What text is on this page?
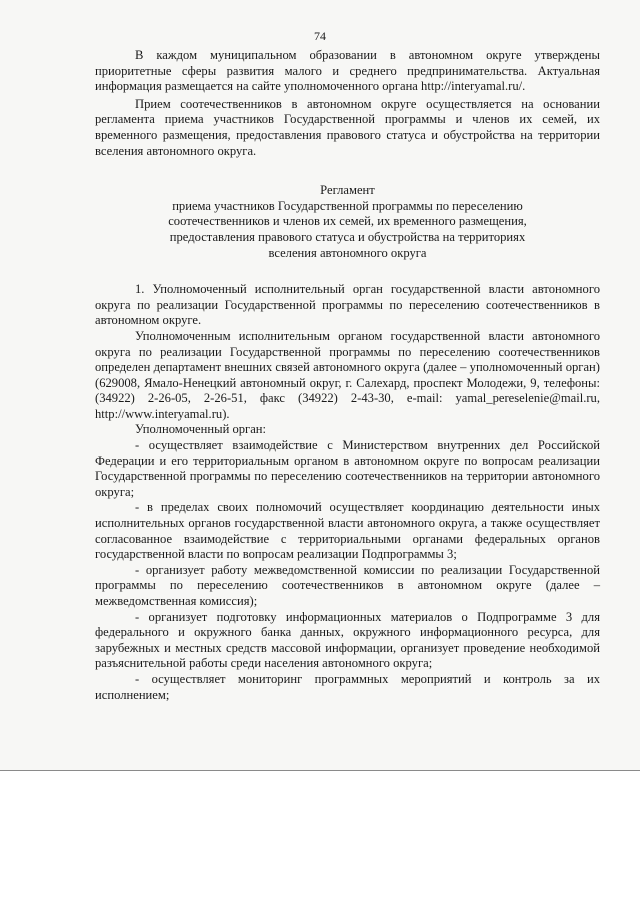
74

В каждом муниципальном образовании в автономном округе утверждены приоритетные сферы развития малого и среднего предпринимательства. Актуальная информация размещается на сайте уполномоченного органа http://interyamal.ru/.

Прием соотечественников в автономном округе осуществляется на основании регламента приема участников Государственной программы и членов их семей, их временного размещения, предоставления правового статуса и обустройства на территории вселения автономного округа.

Регламент

приема участников Государственной программы по переселению

соотечественников и членов их семей, их временного размещения,

предоставления правового статуса и обустройства на территориях

вселения автономного округа

1. Уполномоченный исполнительный орган государственной власти автономного округа по реализации Государственной программы по переселению соотечественников в автономном округе.

Уполномоченным исполнительным органом государственной власти автономного округа по реализации Государственной программы по переселению соотечественников определен департамент внешних связей автономного округа (далее – уполномоченный орган) (629008, Ямало-Ненецкий автономный округ, г. Салехард, проспект Молодежи, 9, телефоны: (34922) 2-26-05, 2-26-51, факс (34922) 2-43-30, e-mail: yamal_pereselenie@mail.ru, http://www.interyamal.ru).

Уполномоченный орган:

- осуществляет взаимодействие с Министерством внутренних дел Российской Федерации и его территориальным органом в автономном округе по вопросам реализации Государственной программы по переселению соотечественников на территории автономного округа;

- в пределах своих полномочий осуществляет координацию деятельности иных исполнительных органов государственной власти автономного округа, а также осуществляет согласованное взаимодействие с территориальными органами федеральных органов государственной власти по вопросам реализации Подпрограммы 3;

- организует работу межведомственной комиссии по реализации Государственной программы по переселению соотечественников в автономном округе (далее – межведомственная комиссия);

- организует подготовку информационных материалов о Подпрограмме 3 для федерального и окружного банка данных, окружного информационного ресурса, для зарубежных и местных средств массовой информации, организует проведение необходимой разъяснительной работы среди населения автономного округа;

- осуществляет мониторинг программных мероприятий и контроль за их исполнением;
